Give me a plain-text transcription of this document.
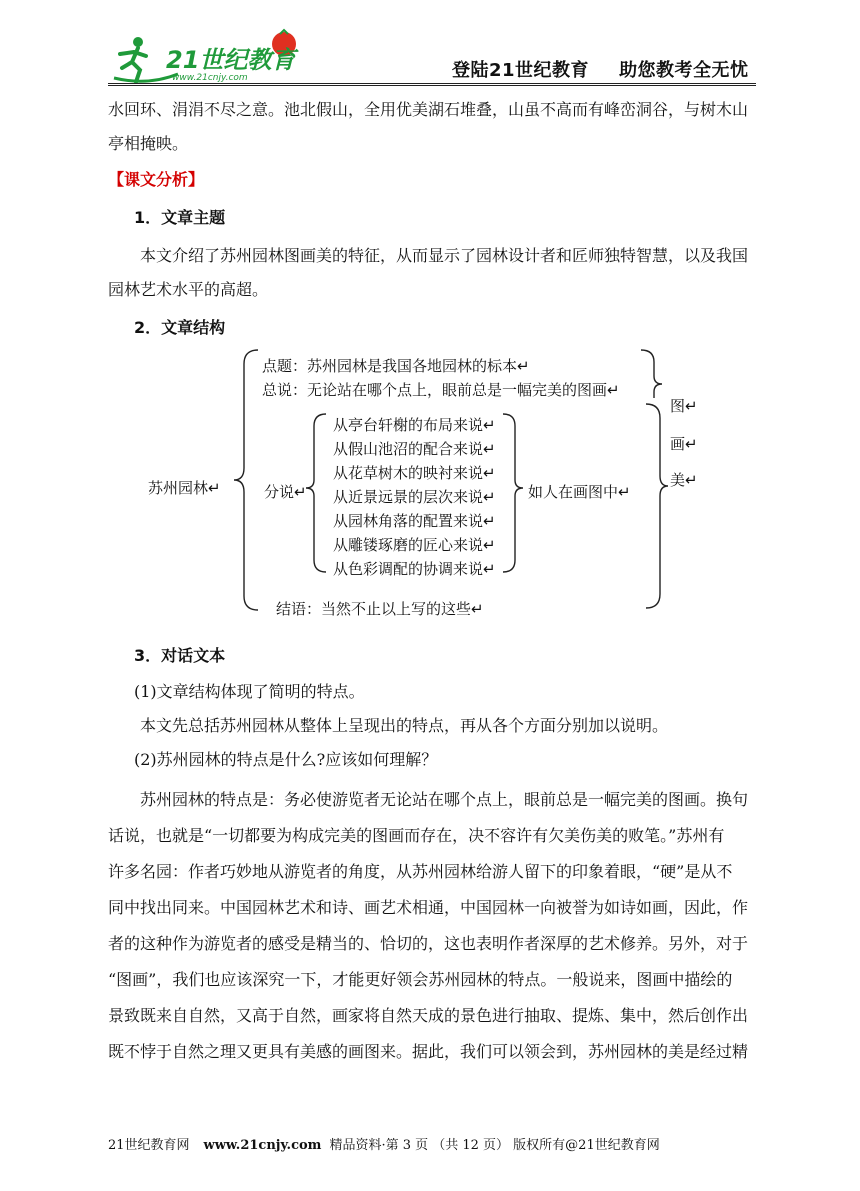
21世纪教育
www.21cnjy.com	登陆21世纪教育 助您教考全无忧

水回环、涓涓不尽之意。池北假山，全用优美湖石堆叠，山虽不高而有峰峦洞谷，与树木山

亭相掩映。

【课文分析】

1．文章主题

本文介绍了苏州园林图画美的特征，从而显示了园林设计者和匠师独特智慧，以及我国

园林艺术水平的高超。

2．文章结构

苏州园林↵
点题：苏州园林是我国各地园林的标本↵
总说：无论站在哪个点上，眼前总是一幅完美的图画↵
分说↵
从亭台轩榭的布局来说↵
从假山池沼的配合来说↵
从花草树木的映衬来说↵
从近景远景的层次来说↵
从园林角落的配置来说↵
从雕镂琢磨的匠心来说↵
从色彩调配的协调来说↵
如人在画图中↵
图↵
画↵
美↵
结语：当然不止以上写的这些↵

3．对话文本

(1)文章结构体现了简明的特点。

本文先总括苏州园林从整体上呈现出的特点，再从各个方面分别加以说明。

(2)苏州园林的特点是什么?应该如何理解？

苏州园林的特点是：务必使游览者无论站在哪个点上，眼前总是一幅完美的图画。换句

话说，也就是“一切都要为构成完美的图画而存在，决不容许有欠美伤美的败笔。”苏州有

许多名园：作者巧妙地从游览者的角度，从苏州园林给游人留下的印象着眼，“硬”是从不

同中找出同来。中国园林艺术和诗、画艺术相通，中国园林一向被誉为如诗如画，因此，作

者的这种作为游览者的感受是精当的、恰切的，这也表明作者深厚的艺术修养。另外，对于

“图画”，我们也应该深究一下，才能更好领会苏州园林的特点。一般说来，图画中描绘的

景致既来自自然，又高于自然，画家将自然天成的景色进行抽取、提炼、集中，然后创作出

既不悖于自然之理又更具有美感的画图来。据此，我们可以领会到，苏州园林的美是经过精

21世纪教育网 www.21cnjy.com 精品资料·第 3 页 （共 12 页） 版权所有@21世纪教育网
